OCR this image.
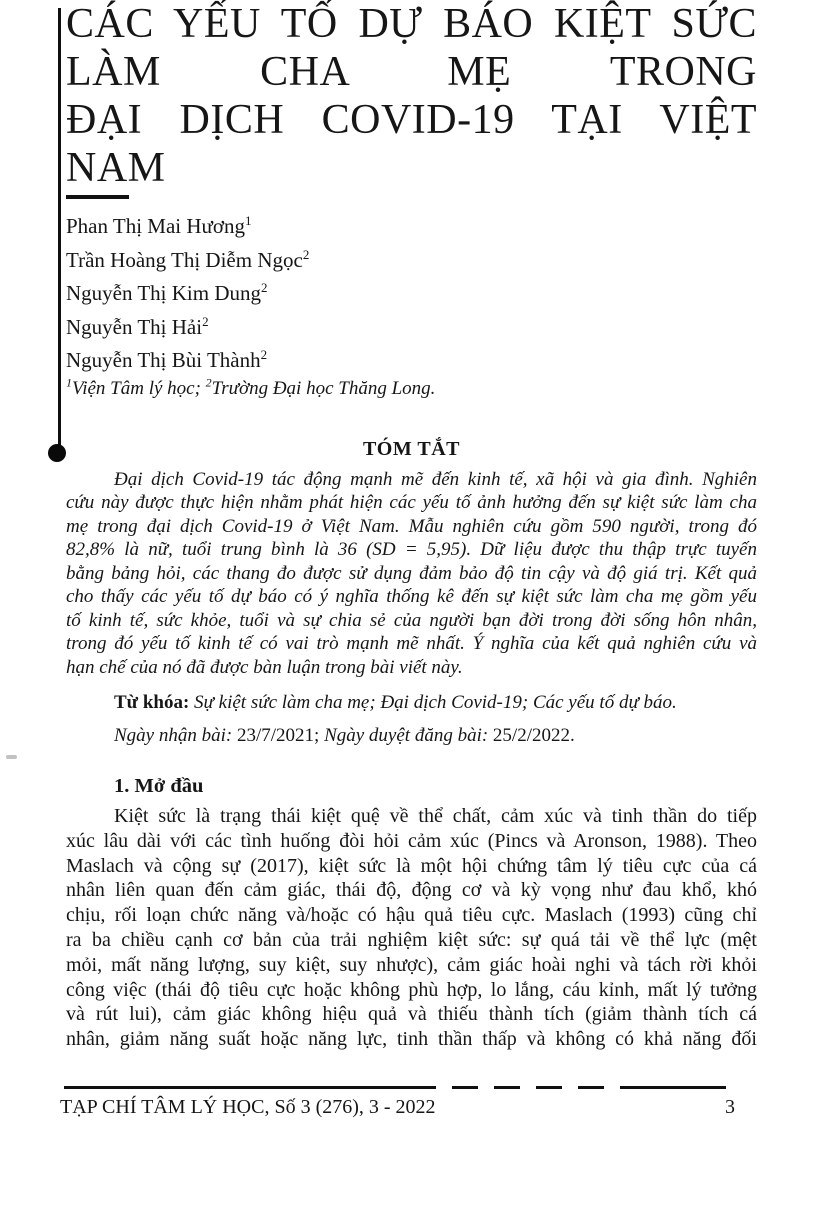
CÁC YẾU TỐ DỰ BÁO KIỆT SỨC
LÀM CHA MẸ TRONG
ĐẠI DỊCH COVID-19 TẠI VIỆT NAM
Phan Thị Mai Hương$^1$
Trần Hoàng Thị Diễm Ngọc$^2$
Nguyễn Thị Kim Dung$^2$
Nguyễn Thị Hải$^2$
Nguyễn Thị Bùi Thành$^2$
$^1$Viện Tâm lý học; $^2$Trường Đại học Thăng Long.
TÓM TẮT
Đại dịch Covid-19 tác động mạnh mẽ đến kinh tế, xã hội và gia đình. Nghiên
cứu này được thực hiện nhằm phát hiện các yếu tố ảnh hưởng đến sự kiệt sức làm cha
mẹ trong đại dịch Covid-19 ở Việt Nam. Mẫu nghiên cứu gồm 590 người, trong đó
82,8% là nữ, tuổi trung bình là 36 (SD = 5,95). Dữ liệu được thu thập trực tuyến
bằng bảng hỏi, các thang đo được sử dụng đảm bảo độ tin cậy và độ giá trị. Kết quả
cho thấy các yếu tố dự báo có ý nghĩa thống kê đến sự kiệt sức làm cha mẹ gồm yếu
tố kinh tế, sức khỏe, tuổi và sự chia sẻ của người bạn đời trong đời sống hôn nhân,
trong đó yếu tố kinh tế có vai trò mạnh mẽ nhất. Ý nghĩa của kết quả nghiên cứu và
hạn chế của nó đã được bàn luận trong bài viết này.
Từ khóa: Sự kiệt sức làm cha mẹ; Đại dịch Covid-19; Các yếu tố dự báo.
Ngày nhận bài: 23/7/2021; Ngày duyệt đăng bài: 25/2/2022.
1. Mở đầu
Kiệt sức là trạng thái kiệt quệ về thể chất, cảm xúc và tinh thần do tiếp
xúc lâu dài với các tình huống đòi hỏi cảm xúc (Pincs và Aronson, 1988). Theo
Maslach và cộng sự (2017), kiệt sức là một hội chứng tâm lý tiêu cực của cá
nhân liên quan đến cảm giác, thái độ, động cơ và kỳ vọng như đau khổ, khó
chịu, rối loạn chức năng và/hoặc có hậu quả tiêu cực. Maslach (1993) cũng chỉ
ra ba chiều cạnh cơ bản của trải nghiệm kiệt sức: sự quá tải về thể lực (mệt
mỏi, mất năng lượng, suy kiệt, suy nhược), cảm giác hoài nghi và tách rời khỏi
công việc (thái độ tiêu cực hoặc không phù hợp, lo lắng, cáu kỉnh, mất lý tưởng
và rút lui), cảm giác không hiệu quả và thiếu thành tích (giảm thành tích cá
nhân, giảm năng suất hoặc năng lực, tinh thần thấp và không có khả năng đối
TẠP CHÍ TÂM LÝ HỌC, Số 3 (276), 3 - 2022	3
